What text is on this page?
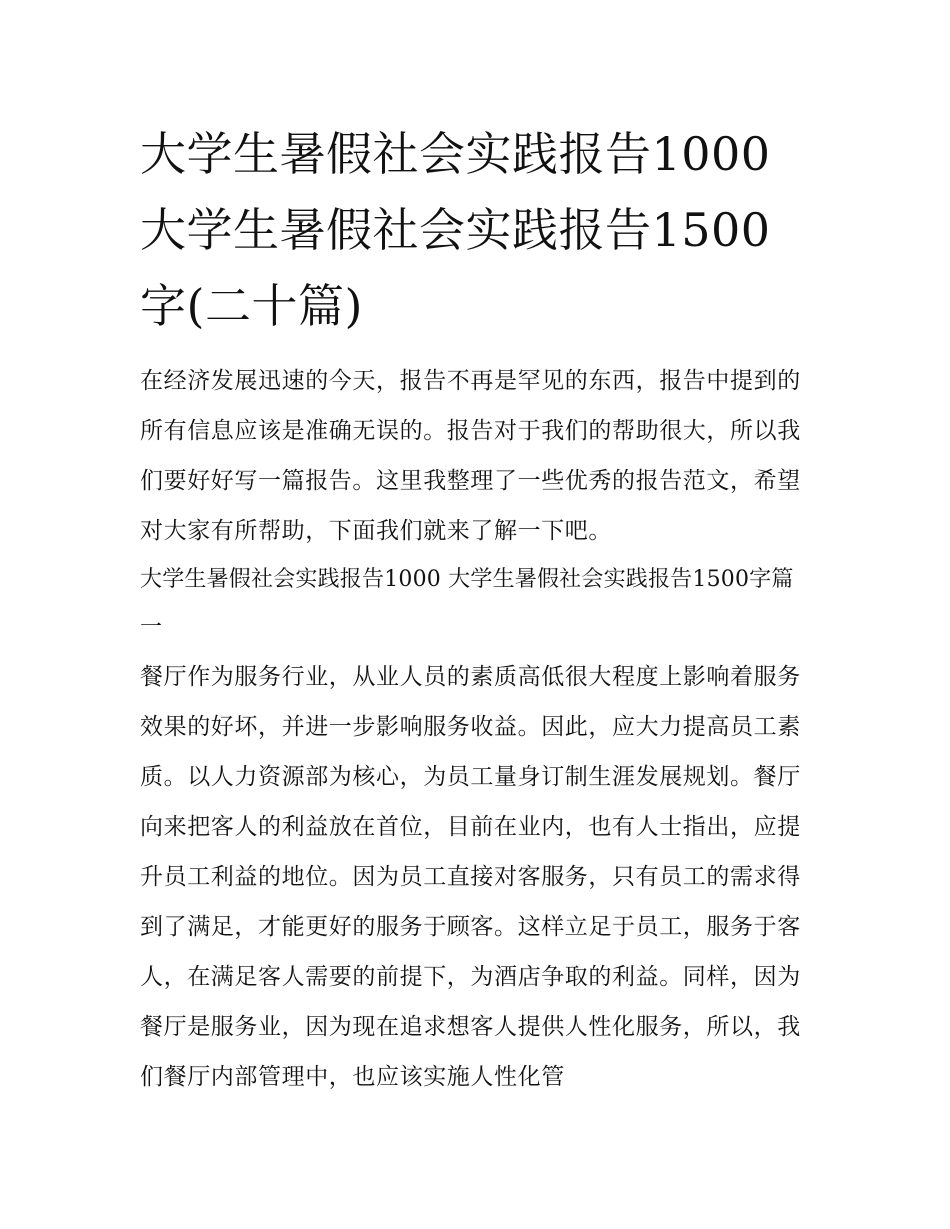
大学生暑假社会实践报告1000大学生暑假社会实践报告1500字(二十篇)

在经济发展迅速的今天，报告不再是罕见的东西，报告中提到的所有信息应该是准确无误的。报告对于我们的帮助很大，所以我们要好好写一篇报告。这里我整理了一些优秀的报告范文，希望对大家有所帮助，下面我们就来了解一下吧。

大学生暑假社会实践报告1000 大学生暑假社会实践报告1500字篇一

餐厅作为服务行业，从业人员的素质高低很大程度上影响着服务效果的好坏，并进一步影响服务收益。因此，应大力提高员工素质。以人力资源部为核心，为员工量身订制生涯发展规划。餐厅向来把客人的利益放在首位，目前在业内，也有人士指出，应提升员工利益的地位。因为员工直接对客服务，只有员工的需求得到了满足，才能更好的服务于顾客。这样立足于员工，服务于客人，在满足客人需要的前提下，为酒店争取的利益。同样，因为餐厅是服务业，因为现在追求想客人提供人性化服务，所以，我们餐厅内部管理中，也应该实施人性化管
